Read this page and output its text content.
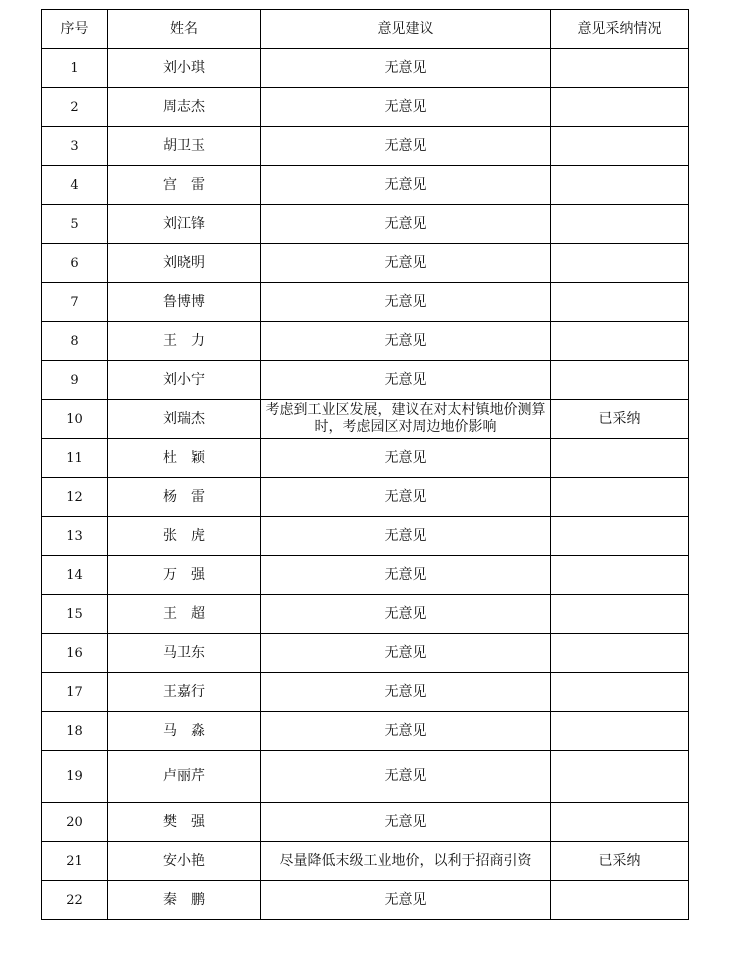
序号	姓名	意见建议	意见采纳情况
1	刘小琪	无意见	
2	周志杰	无意见	
3	胡卫玉	无意见	
4	宫　雷	无意见	
5	刘江锋	无意见	
6	刘晓明	无意见	
7	鲁博博	无意见	
8	王　力	无意见	
9	刘小宁	无意见	
10	刘瑞杰	考虑到工业区发展，建议在对太村镇地价测算时，考虑园区对周边地价影响	已采纳
11	杜　颖	无意见	
12	杨　雷	无意见	
13	张　虎	无意见	
14	万　强	无意见	
15	王　超	无意见	
16	马卫东	无意见	
17	王嘉行	无意见	
18	马　淼	无意见	
19	卢丽芹	无意见	
20	樊　强	无意见	
21	安小艳	尽量降低末级工业地价，以利于招商引资	已采纳
22	秦　鹏	无意见	
